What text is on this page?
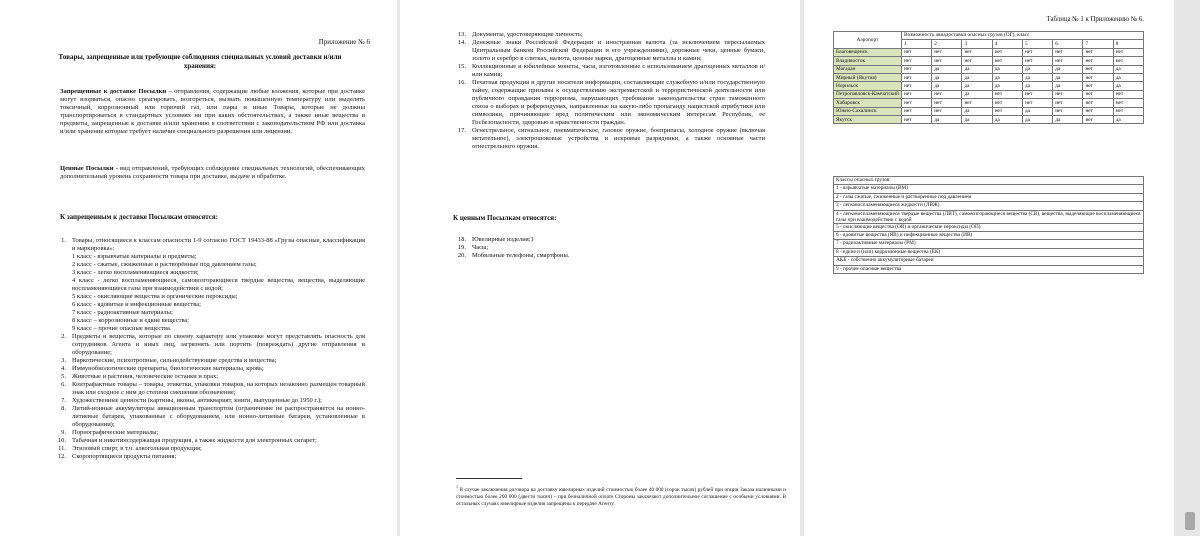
Приложение № 6
Товары, запрещенные или требующие соблюдения специальных условий доставки и/или хранения:
Запрещенные к доставке Посылки – отправления, содержащие любые вложения, которые при доставке могут взорваться, опасно среагировать, возгореться, вызвать повышенную температуру или выделять токсичный, коррозионный или горючий газ, или пары и иные Товары, которые не должны транспортироваться в стандартных условиях ни при каких обстоятельствах, а также иные вещества и предметы, запрещенные к доставке и/или хранению в соответствии с законодательством РФ или доставка и/или хранение которые требует наличие специального разрешения или лицензии.
Ценные Посылки - вид отправлений, требующих соблюдение специальных технологий, обеспечивающих дополнительный уровень сохранности товара при доставке, выдаче и обработке.
К запрещенным к доставке Посылкам относятся:
1. Товары, относящиеся к классам опасности 1-9 согласно ГОСТ 19433-88 «Грузы опасные, классификация и маркировка»:
1 класс - взрывчатые материалы и предметы;
2 класс - сжатые, сжиженные и растворённые под давлением газы;
3 класс - легко воспламеняющиеся жидкости;
4 класс - легко воспламеняющиеся, самовозгорающиеся твердые вещества, вещества, выделяющие воспламеняющиеся газы при взаимодействии с водой;
5 класс - окисляющие вещества и органические пероксиды;
6 класс - ядовитые и инфекционные вещества;
7 класс - радиоактивные материалы;
8 класс – коррозионные и едкие вещества;
9 класс – прочие опасные вещества.
2. Предметы и вещества, которые по своему характеру или упаковке могут представлять опасность для сотрудников Агента и иных лиц, загрязнять или портить (повреждать) другие отправления и оборудование;
3. Наркотические, психотропные, сильнодействующие средства и вещества;
4. Иммунобиологические препараты, биологические материалы, кровь;
5. Животные и растения, человеческие останки и прах;
6. Контрафактные товары – товары, этикетки, упаковки товаров, на которых незаконно размещен товарный знак или сходное с ним до степени смешения обозначение;
7. Художественные ценности (картины, иконы, антикварият, книги, выпущенные до 1950 г.);
8. Литий-ионные аккумуляторы авиационным транспортом (ограничение не распространяется на ионно-литиевые батареи, упакованные с оборудованием, или ионно-литиевые батареи, установленные в оборудовании);
9. Порнографические материалы;
10. Табачная и никотинсодержащая продукция, а также жидкости для электронных сигарет;
11. Этиловый спирт, в т.ч. алкогольная продукция;
12. Скоропортящиеся продукты питания;
13. Документы, удостоверяющие личность;
14. Денежные знаки Российской Федерации и иностранная валюта (за исключением пересылаемых Центральным банком Российской Федерации и его учреждениями), дорожные чеки, ценные бумаги, золото и серебро в слитках, валюта, ценные марки, драгоценные металлы и камни;
15. Коллекционные и юбилейные монеты, часы, изготовленные с использованием драгоценных металлов и/или камня;
16. Печатная продукция и другие носители информации, составляющие служебную и/или государственную тайну, содержащие призывы к осуществлению экстремистской и террористической деятельности или публичного оправдания терроризма, нарушающих требования законодательства стран таможенного союза о выборах и референдумах, направленные на какую-либо пропаганду нацистской атрибутики или символики, причиняющие вред политическим или экономическим интересам Республик, ее Госбезопасности, здоровью и нравственности граждан.
17. Огнестрельное, сигнальное, пневматическое, газовое оружие, боеприпасы, холодное оружие (включая метательное), электрошоковые устройства и искровые разрядники, а также основные части огнестрельного оружия.
К ценным Посылкам относятся:
18. Ювелирные изделия;1
19. Часы;
20. Мобильные телефоны, смартфоны.
$^1$ В случае заключения договора на доставку ювелирных изделий стоимостью более 40 000 (сорок тысяч) рублей при опции Заказа наличными и стоимостью более 200 000 (двести тысяч) – при безналичной оплате Стороны заключают дополнительное соглашение с особыми условиями. В остальных случаях ювелирные изделия запрещены к передаче Агенту.
Таблица № 1 к Приложению № 6.
Аэропорт	Возможность авиадоставки опасных грузов (ОГ), класс							
	1	2	3	4	5	6	7	8
Благовещенск	нет	нет	нет	нет	нет	нет	нет	нет
Владивосток	нет	нет	нет	нет	нет	нет	нет	нет
Магадан	нет	да	да	да	да	да	нет	да
Мирный (Якутия)	нет	да	да	да	да	да	нет	да
Норильск	нет	да	да	да	да	да	нет	да
Петропавловск-Камчатский	нет	нет	да	нет	нет	нет	нет	нет
Хабаровск	нет	нет	нет	нет	нет	нет	нет	нет
Южно-Сахалинск	нет	нет	да	нет	да	нет	нет	нет
Якутск	нет	да	да	да	да	да	нет	да
Классы опасных грузов:
1 - взрывчатые материалы (ВМ)
2 - газы сжатые, сжиженные и растворенные под давлением
3 - легковоспламеняющиеся жидкости (ЛВЖ)
4 - легковоспламеняющиеся твердые вещества (ЛВТ), самовозгорающиеся вещества (СВ), вещества, выделяющие воспламеняющиеся газы при взаимодействии с водой
5 - окисляющие вещества (ОВ) и органические пероксиды (ОП)
6 - ядовитые вещества (ЯВ) и инфекционные вещества (ИВ)
7 - радиоактивные материалы (РМ)
8 - едкие и (или) коррозионные вещества (ЕК)
АКБ - собственно аккумуляторные батареи
9 - прочие опасные вещества
